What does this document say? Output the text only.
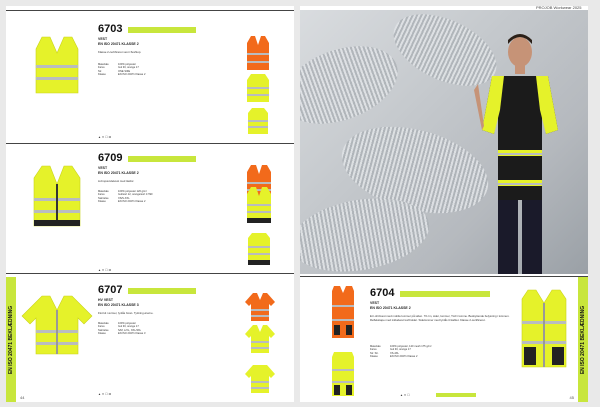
EN ISO 20471 BEKLÆDNING
6703
VEST
EN ISO 20471 KLASSE 2
Klasse 2-certificeret vest i fleshtop.
Materiale	100% polyester
Farve	Gul 30, orange 17
Str.	ONE SIZE
Klasse	EN ISO 20471 Klasse 2
▲ ✕ ☐ ⊠
6709
VEST
EN ISO 20471 KLASSE 2
Lidt spændelvest med ilasfor.
Materiale	100% polyester 120 g/m²
Farve	Gul/sort 12, orange/sort 17/90
Størrelse	XS/S-XXL
Klasse	EN ISO 20471 Klasse 2
▲ ✕ ☐ ⊠
6707
HV VEST
EN ISO 20471 KLASSE 3
Flot kit i ærmer, lynlås foran. Tydning ørerne.
Materiale	100% polyester
Farve	Gul 30, orange 17
Størrelse	S/M, L/XL, XXL/3XL
Klasse	EN ISO 20471 Klasse 3
▲ ✕ ☐ ⊠
44
PROJOB Workwear 2025
6704
VEST
EN ISO 20471 KLASSE 2
Et t-shirtvest med mobile lommer på siden. 70 cm, sider, lommer, Troll i lomme. Beskyttende belysning i lommen. Reflekstape med inkluderet kortholder. Sidelommer med lynlås til kablet. Klasse 2-certificeret.
Materiale	100% polyester, 120 mesh 175 g/m²
Farve	Gul 30, orange 17
Str. Str.	XS-4XL
Klasse	EN ISO 20471 Klasse 2
▲ ✕ ☐
EN ISO 20471 BEKLÆDNING
45
